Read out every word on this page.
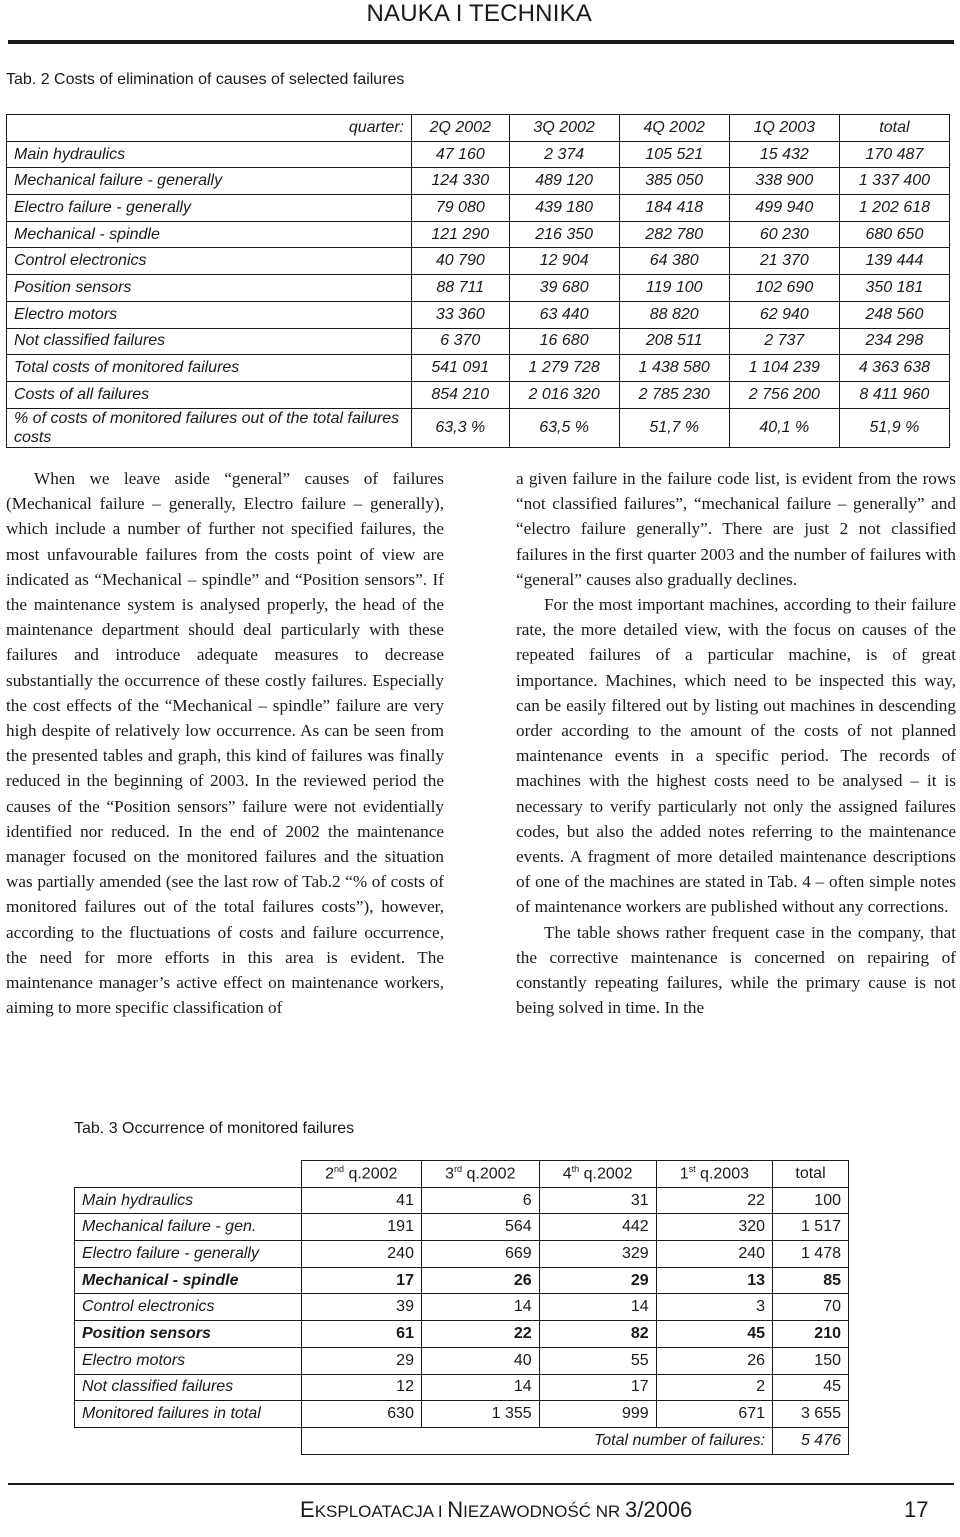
NAUKA I TECHNIKA
Tab. 2 Costs of elimination of causes of selected failures
quarter:	2Q 2002	3Q 2002	4Q 2002	1Q 2003	total
Main hydraulics	47 160	2 374	105 521	15 432	170 487
Mechanical failure - generally	124 330	489 120	385 050	338 900	1 337 400
Electro failure - generally	79 080	439 180	184 418	499 940	1 202 618
Mechanical - spindle	121 290	216 350	282 780	60 230	680 650
Control electronics	40 790	12 904	64 380	21 370	139 444
Position sensors	88 711	39 680	119 100	102 690	350 181
Electro motors	33 360	63 440	88 820	62 940	248 560
Not classified failures	6 370	16 680	208 511	2 737	234 298
Total costs of monitored failures	541 091	1 279 728	1 438 580	1 104 239	4 363 638
Costs of all failures	854 210	2 016 320	2 785 230	2 756 200	8 411 960
% of costs of monitored failures out of the total failures costs	63,3 %	63,5 %	51,7 %	40,1 %	51,9 %

When we leave aside “general” causes of failures (Mechanical failure – generally, Electro failure – generally), which include a number of further not specified failures, the most unfavourable failures from the costs point of view are indicated as “Mechanical – spindle” and “Position sensors”. If the maintenance system is analysed properly, the head of the maintenance department should deal particularly with these failures and introduce adequate measures to decrease substantially the occurrence of these costly failures. Especially the cost effects of the “Mechanical – spindle” failure are very high despite of relatively low occurrence. As can be seen from the presented tables and graph, this kind of failures was finally reduced in the beginning of 2003. In the reviewed period the causes of the “Position sensors” failure were not evidentially identified nor reduced. In the end of 2002 the maintenance manager focused on the monitored failures and the situation was partially amended (see the last row of Tab.2 “% of costs of monitored failures out of the total failures costs”), however, according to the fluctuations of costs and failure occurrence, the need for more efforts in this area is evident. The maintenance manager’s active effect on maintenance workers, aiming to more specific classification of

a given failure in the failure code list, is evident from the rows “not classified failures”, “mechanical failure – generally” and “electro failure generally”. There are just 2 not classified failures in the first quarter 2003 and the number of failures with “general” causes also gradually declines.

For the most important machines, according to their failure rate, the more detailed view, with the focus on causes of the repeated failures of a particular machine, is of great importance. Machines, which need to be inspected this way, can be easily filtered out by listing out machines in descending order according to the amount of the costs of not planned maintenance events in a specific period. The records of machines with the highest costs need to be analysed – it is necessary to verify particularly not only the assigned failures codes, but also the added notes referring to the maintenance events. A fragment of more detailed maintenance descriptions of one of the machines are stated in Tab. 4 – often simple notes of maintenance workers are published without any corrections.

The table shows rather frequent case in the company, that the corrective maintenance is concerned on repairing of constantly repeating failures, while the primary cause is not being solved in time. In the

Tab. 3 Occurrence of monitored failures
	2nd q.2002	3rd q.2002	4th q.2002	1st q.2003	total
Main hydraulics	41	6	31	22	100
Mechanical failure - gen.	191	564	442	320	1 517
Electro failure - generally	240	669	329	240	1 478
Mechanical - spindle	17	26	29	13	85
Control electronics	39	14	14	3	70
Position sensors	61	22	82	45	210
Electro motors	29	40	55	26	150
Not classified failures	12	14	17	2	45
Monitored failures in total	630	1 355	999	671	3 655
	Total number of failures:				5 476
EKSPLOATACJA I NIEZAWODNOŚĆ NR 3/2006	17
